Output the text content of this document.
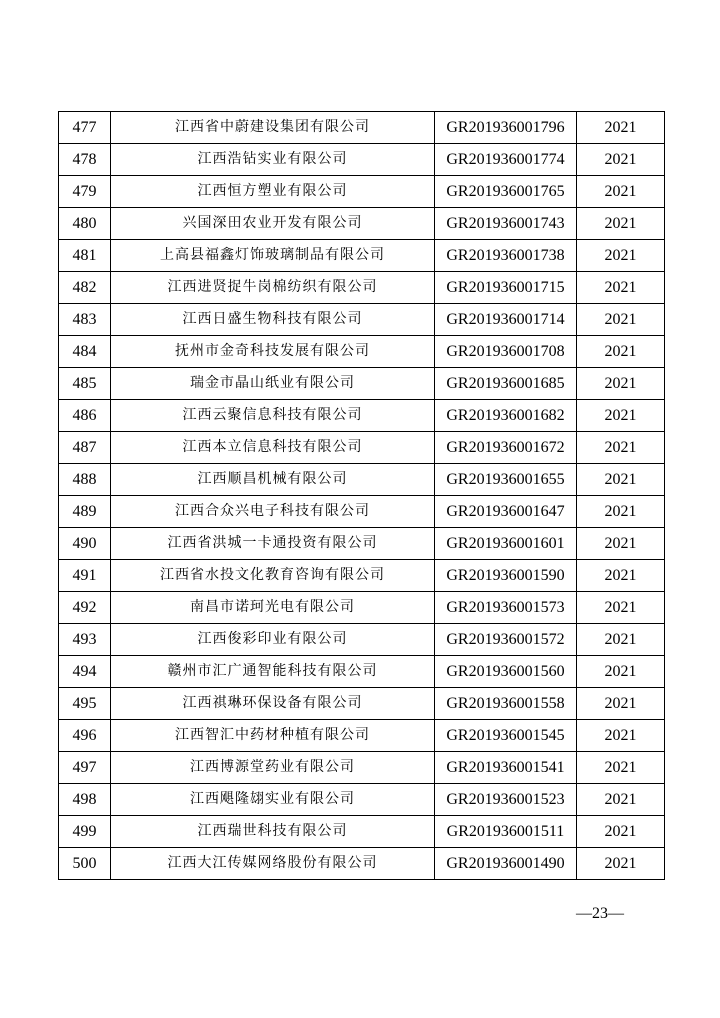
477	江西省中蔚建设集团有限公司	GR201936001796	2021
478	江西浩钻实业有限公司	GR201936001774	2021
479	江西恒方塑业有限公司	GR201936001765	2021
480	兴国深田农业开发有限公司	GR201936001743	2021
481	上高县福鑫灯饰玻璃制品有限公司	GR201936001738	2021
482	江西进贤捉牛岗棉纺织有限公司	GR201936001715	2021
483	江西日盛生物科技有限公司	GR201936001714	2021
484	抚州市金奇科技发展有限公司	GR201936001708	2021
485	瑞金市晶山纸业有限公司	GR201936001685	2021
486	江西云聚信息科技有限公司	GR201936001682	2021
487	江西本立信息科技有限公司	GR201936001672	2021
488	江西顺昌机械有限公司	GR201936001655	2021
489	江西合众兴电子科技有限公司	GR201936001647	2021
490	江西省洪城一卡通投资有限公司	GR201936001601	2021
491	江西省水投文化教育咨询有限公司	GR201936001590	2021
492	南昌市诺珂光电有限公司	GR201936001573	2021
493	江西俊彩印业有限公司	GR201936001572	2021
494	赣州市汇广通智能科技有限公司	GR201936001560	2021
495	江西祺琳环保设备有限公司	GR201936001558	2021
496	江西智汇中药材种植有限公司	GR201936001545	2021
497	江西博源堂药业有限公司	GR201936001541	2021
498	江西飓隆翃实业有限公司	GR201936001523	2021
499	江西瑞世科技有限公司	GR201936001511	2021
500	江西大江传媒网络股份有限公司	GR201936001490	2021
—23—
